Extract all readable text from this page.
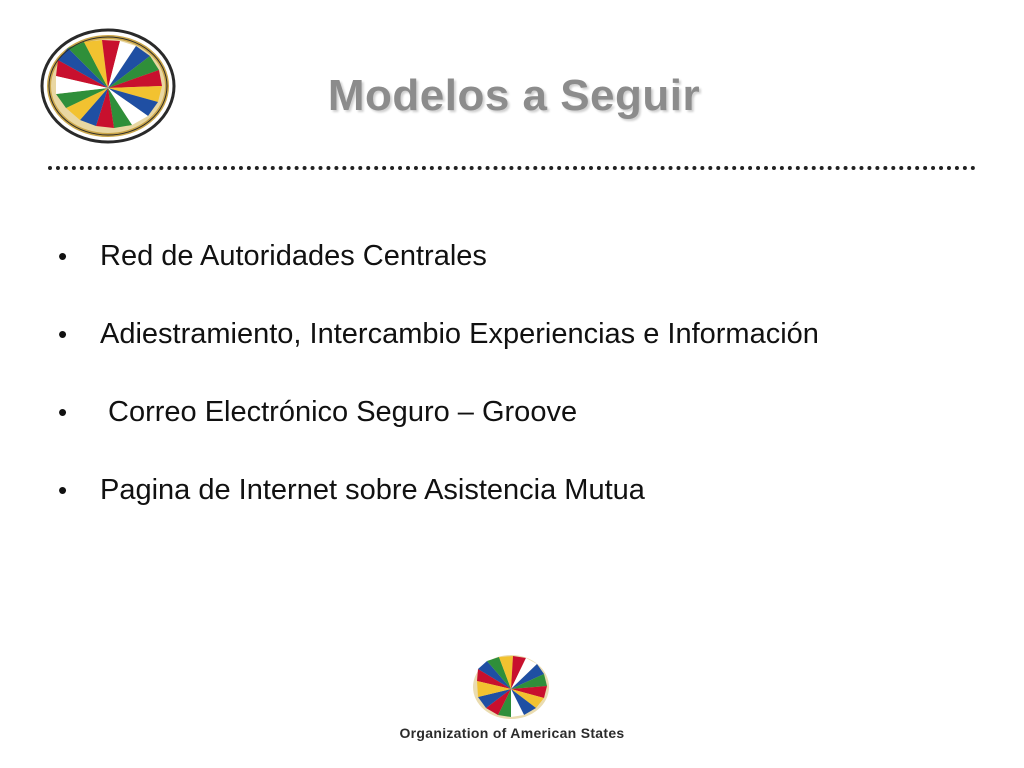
Modelos a Seguir
•	Red de Autoridades Centrales
•	Adiestramiento, Intercambio Experiencias e Información
•	Correo Electrónico Seguro – Groove
•	Pagina de Internet sobre Asistencia Mutua
Organization of American States
